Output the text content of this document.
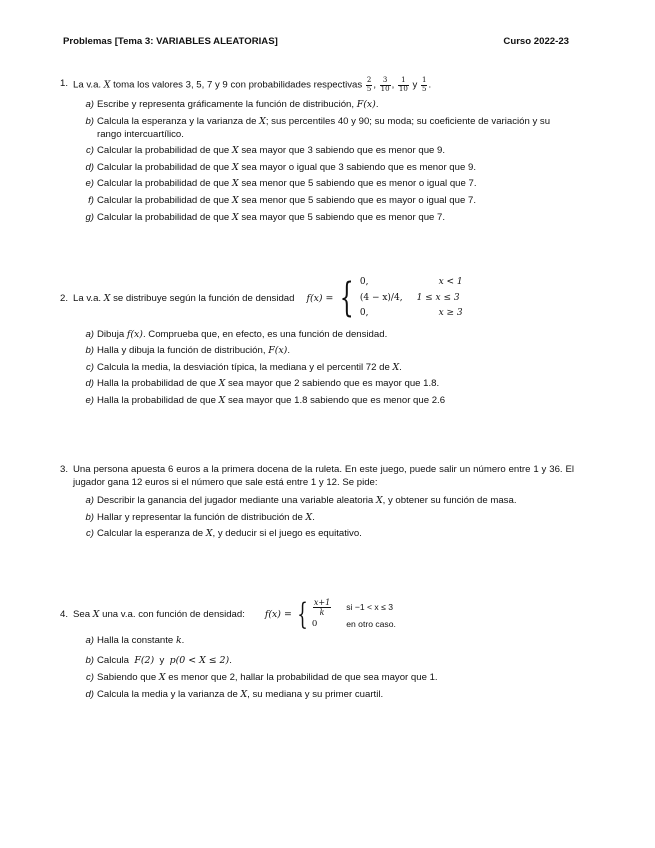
Problemas [Tema 3: VARIABLES ALEATORIAS]	Curso 2022-23
1. La v.a. X toma los valores 3, 5, 7 y 9 con probabilidades respectivas $\frac{2}{5}$ , $\frac{3}{10}$ , $\frac{1}{10}$ y $\frac{1}{5}$ .
a) Escribe y representa gráficamente la función de distribución, F(x).
b) Calcula la esperanza y la varianza de X; sus percentiles 40 y 90; su moda; su coeficiente de variación y su rango intercuartílico.
c) Calcular la probabilidad de que X sea mayor que 3 sabiendo que es menor que 9.
d) Calcular la probabilidad de que X sea mayor o igual que 3 sabiendo que es menor que 9.
e) Calcular la probabilidad de que X sea menor que 5 sabiendo que es menor o igual que 7.
f) Calcular la probabilidad de que X sea menor que 5 sabiendo que es mayor o igual que 7.
g) Calcular la probabilidad de que X sea mayor que 5 sabiendo que es menor que 7.
2. La v.a.
X
se distribuye según la función de densidad f(x) = { 0,	x < 1
(4 − x)/4, 1 ≤ x ≤ 3
0,	x ≥ 3
a) Dibuja f(x). Comprueba que, en efecto, es una función de densidad.
b) Halla y dibuja la función de distribución, F(x).
c) Calcula la media, la desviación típica, la mediana y el percentil 72 de X.
d) Halla la probabilidad de que X sea mayor que 2 sabiendo que es mayor que 1.8.
e) Halla la probabilidad de que X sea mayor que 1.8 sabiendo que es menor que 2.6
3. Una persona apuesta 6 euros a la primera docena de la ruleta. En este juego, puede salir un número entre 1 y 36. El jugador gana 12 euros si el número que sale está entre 1 y 12. Se pide:
a) Describir la ganancia del jugador mediante una variable aleatoria X, y obtener su función de masa.
b) Hallar y representar la función de distribución de X.
c) Calcular la esperanza de X, y deducir si el juego es equitativo.
4. Sea
X
una v.a. con función de densidad: f(x) = { $\frac{x+1}{k}$ si −1 < x ≤ 3
0	en otro caso.
a) Halla la constante k.
b) Calcula F(2) y p(0 < X ≤ 2).
c) Sabiendo que X es menor que 2, hallar la probabilidad de que sea mayor que 1.
d) Calcula la media y la varianza de X, su mediana y su primer cuartil.
